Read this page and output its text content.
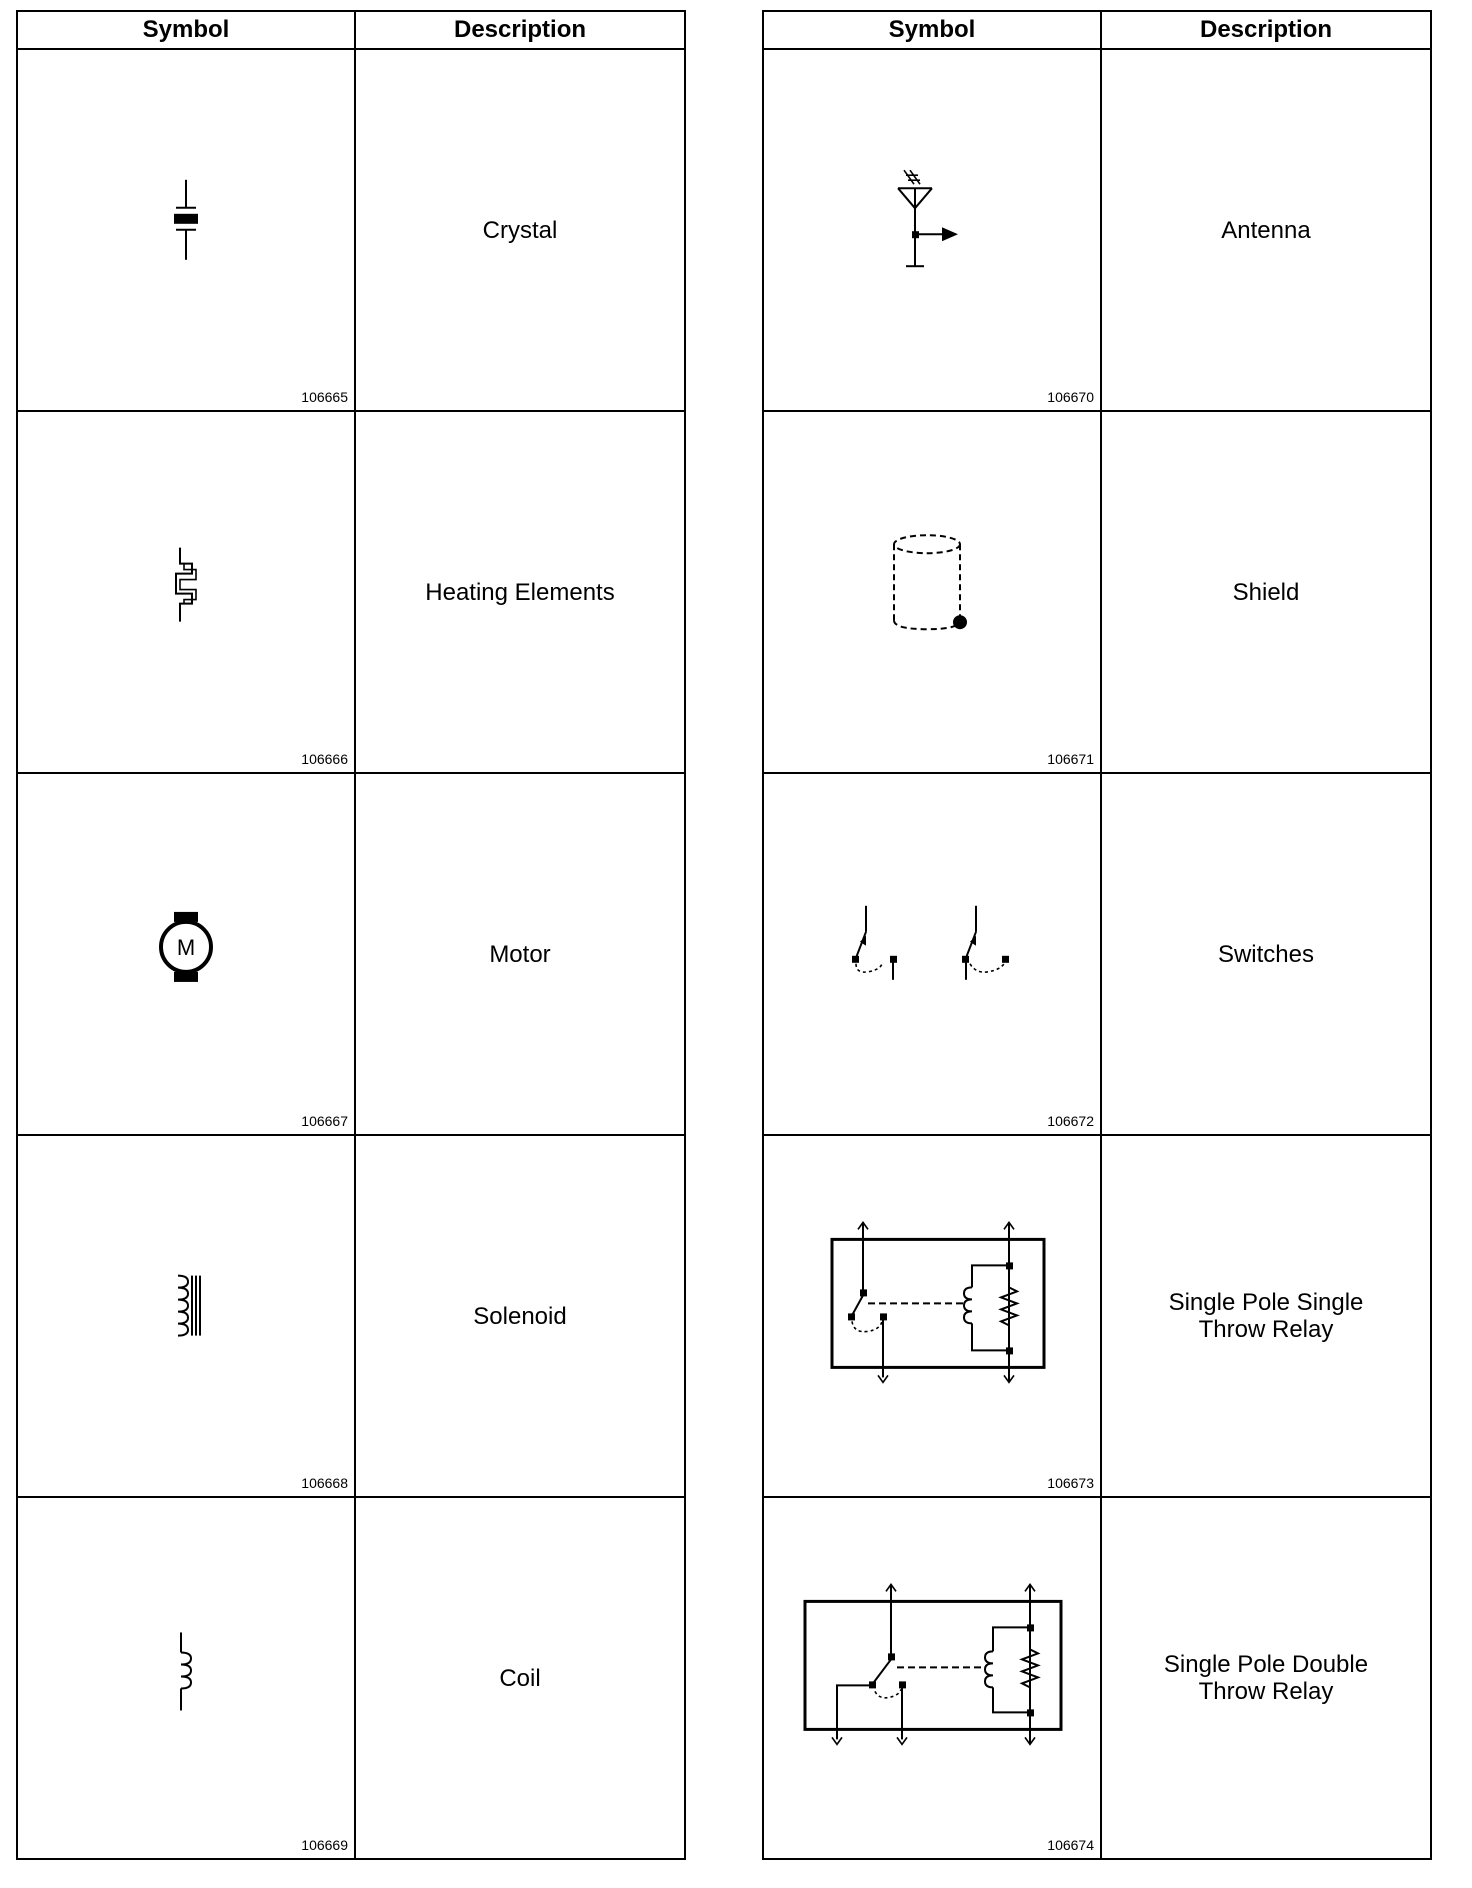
Symbol	Description

106665	Crystal

106666	Heating Elements

M
106667	Motor

106668	Solenoid

106669	Coil
Symbol	Description

106670	Antenna

106671	Shield

106672	Switches

106673	Single Pole Single Throw Relay

106674	Single Pole Double Throw Relay
